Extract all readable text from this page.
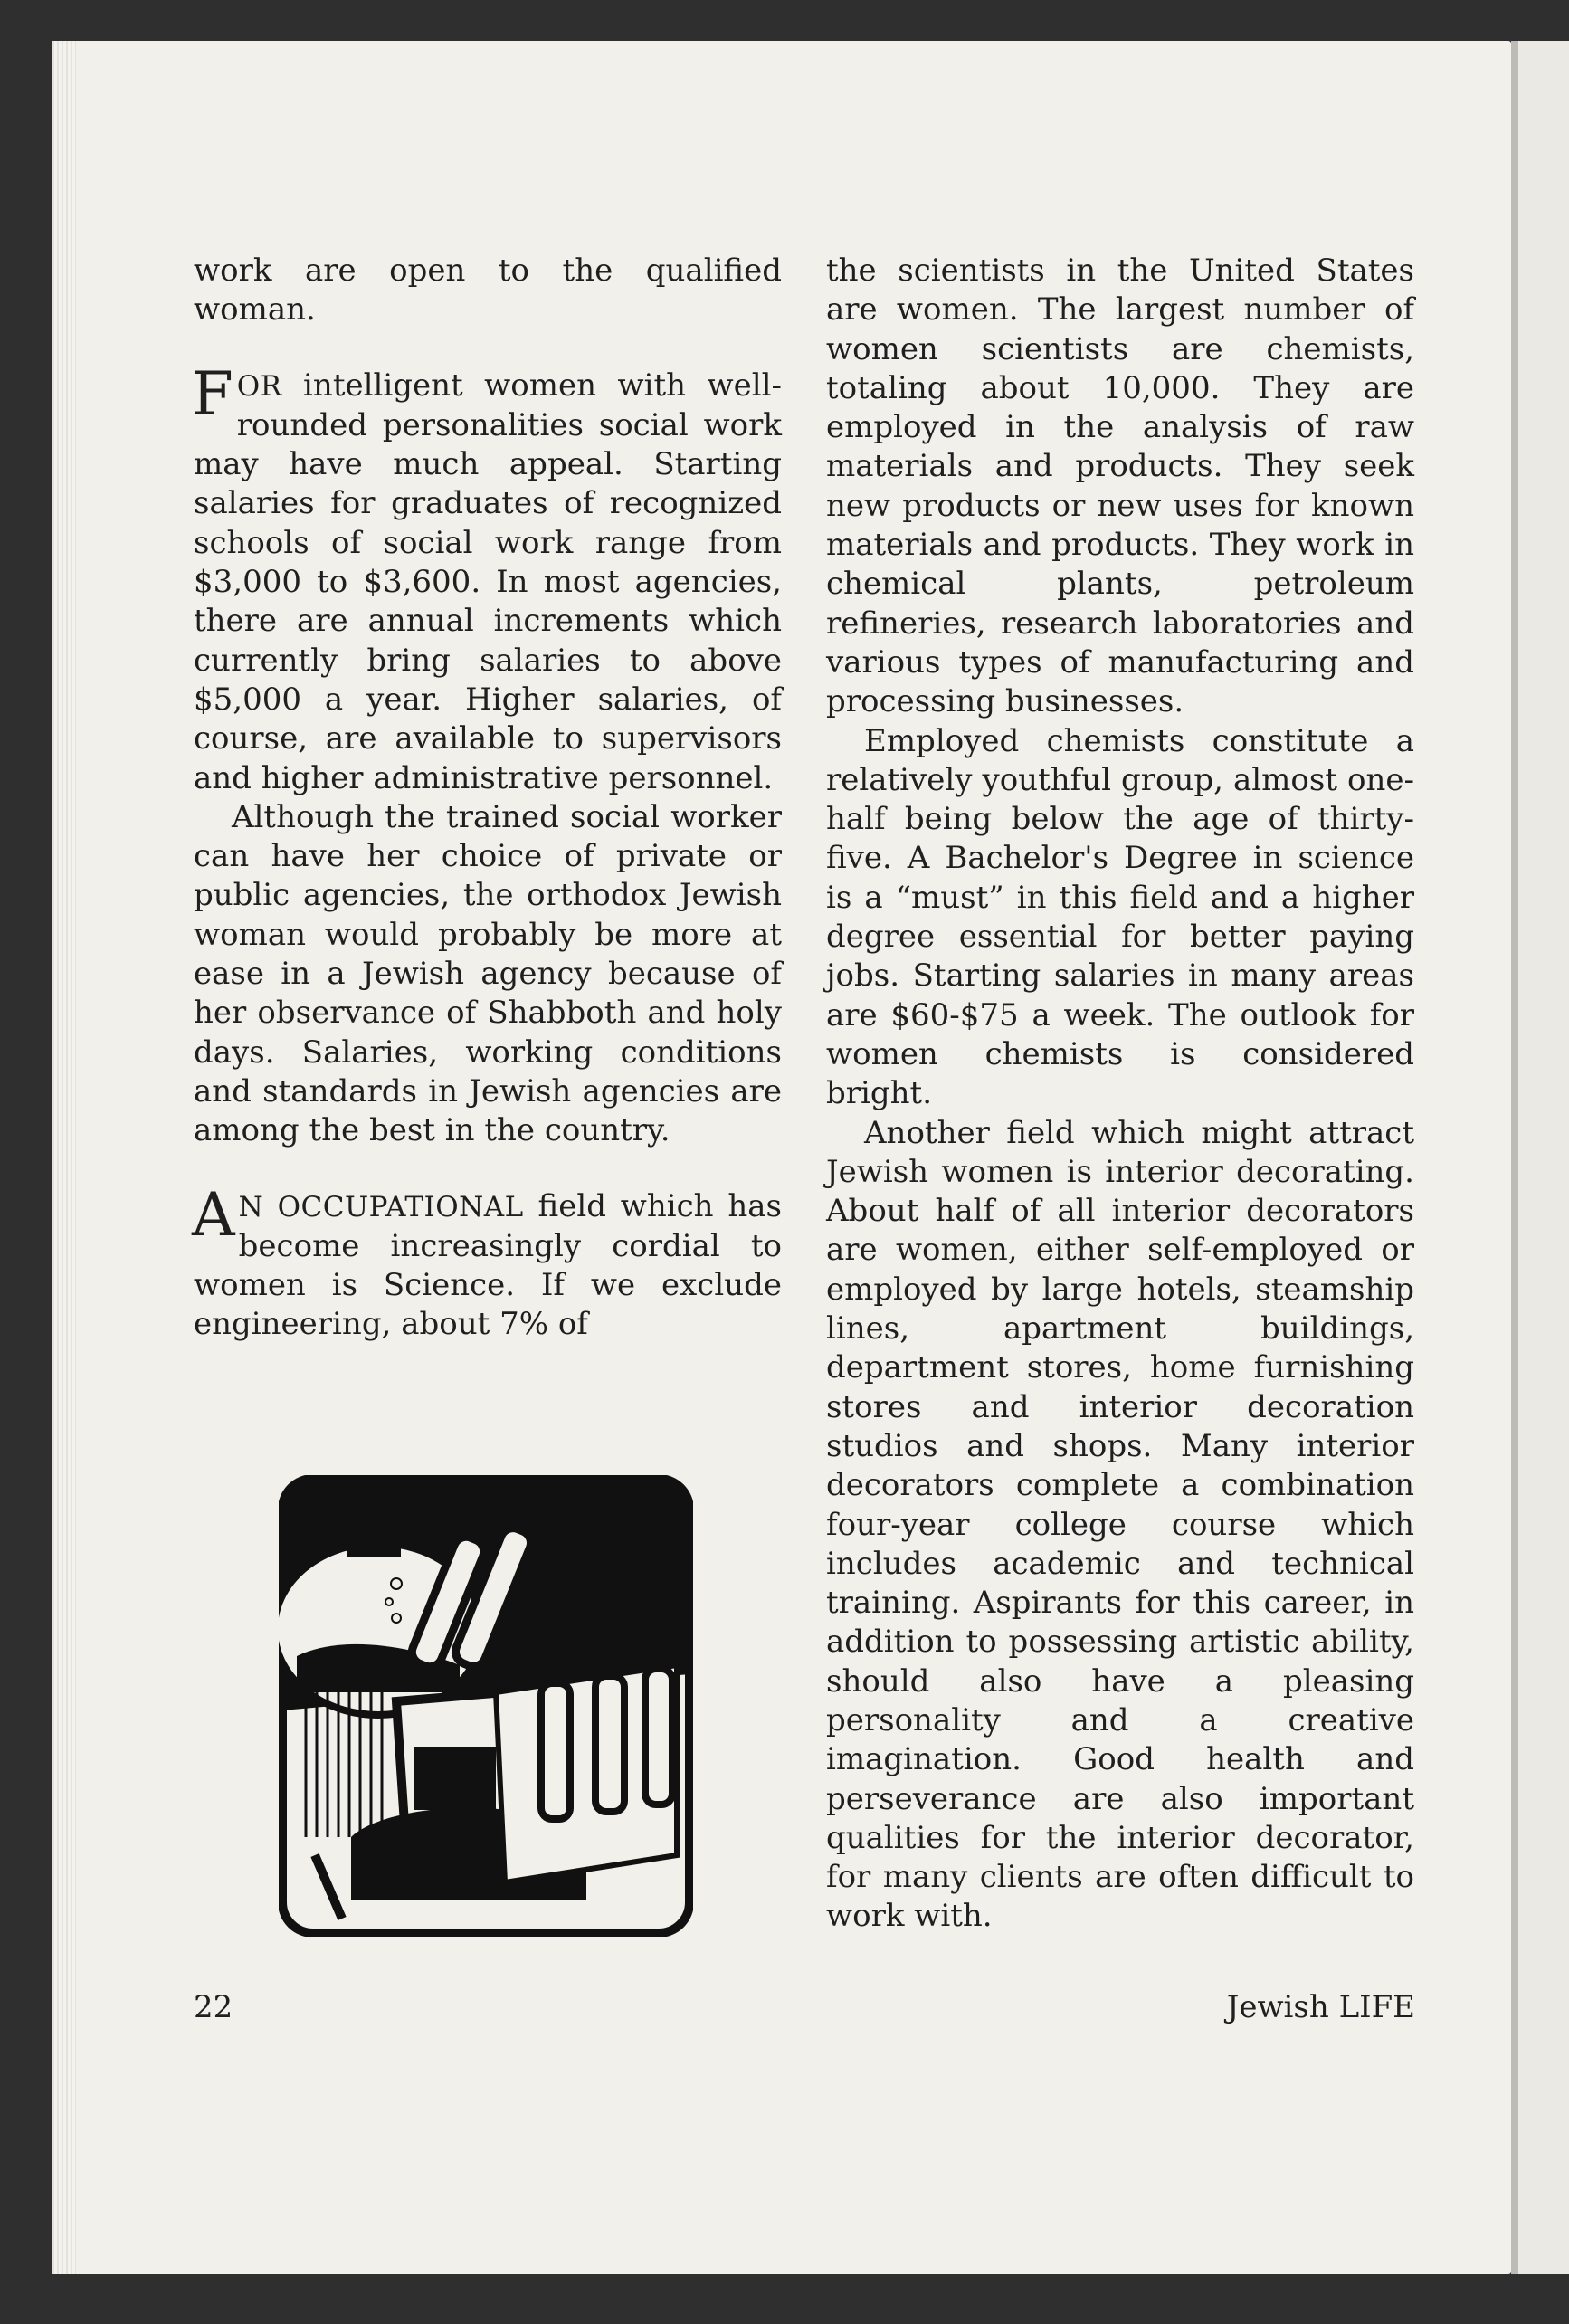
work are open to the qualified woman.

FOR intelligent women with well-rounded personalities social work may have much appeal. Starting salaries for graduates of recognized schools of social work range from $3,000 to $3,600. In most agencies, there are annual increments which currently bring salaries to above $5,000 a year. Higher salaries, of course, are available to supervisors and higher administrative personnel.

Although the trained social worker can have her choice of private or public agencies, the orthodox Jewish woman would probably be more at ease in a Jewish agency because of her observance of Shabboth and holy days. Salaries, working conditions and standards in Jewish agencies are among the best in the country.

A N OCCUPATIONAL field which has become increasingly cordial to women is Science. If we exclude engineering, about 7% of

the scientists in the United States are women. The largest number of women scientists are chemists, totaling about 10,000. They are employed in the analysis of raw materials and products. They seek new products or new uses for known materials and products. They work in chemical plants, petroleum refineries, research laboratories and various types of manufacturing and processing businesses.

Employed chemists constitute a relatively youthful group, almost one-half being below the age of thirty-five. A Bachelor's Degree in science is a “must” in this field and a higher degree essential for better paying jobs. Starting salaries in many areas are $60-$75 a week. The outlook for women chemists is considered bright.

Another field which might attract Jewish women is interior decorating. About half of all interior decorators are women, either self-employed or employed by large hotels, steamship lines, apartment buildings, department stores, home furnishing stores and interior decoration studios and shops. Many interior decorators complete a combination four-year college course which includes academic and technical training. Aspirants for this career, in addition to possessing artistic ability, should also have a pleasing personality and a creative imagination. Good health and perseverance are also important qualities for the interior decorator, for many clients are often difficult to work with.

22	Jewish LIFE
